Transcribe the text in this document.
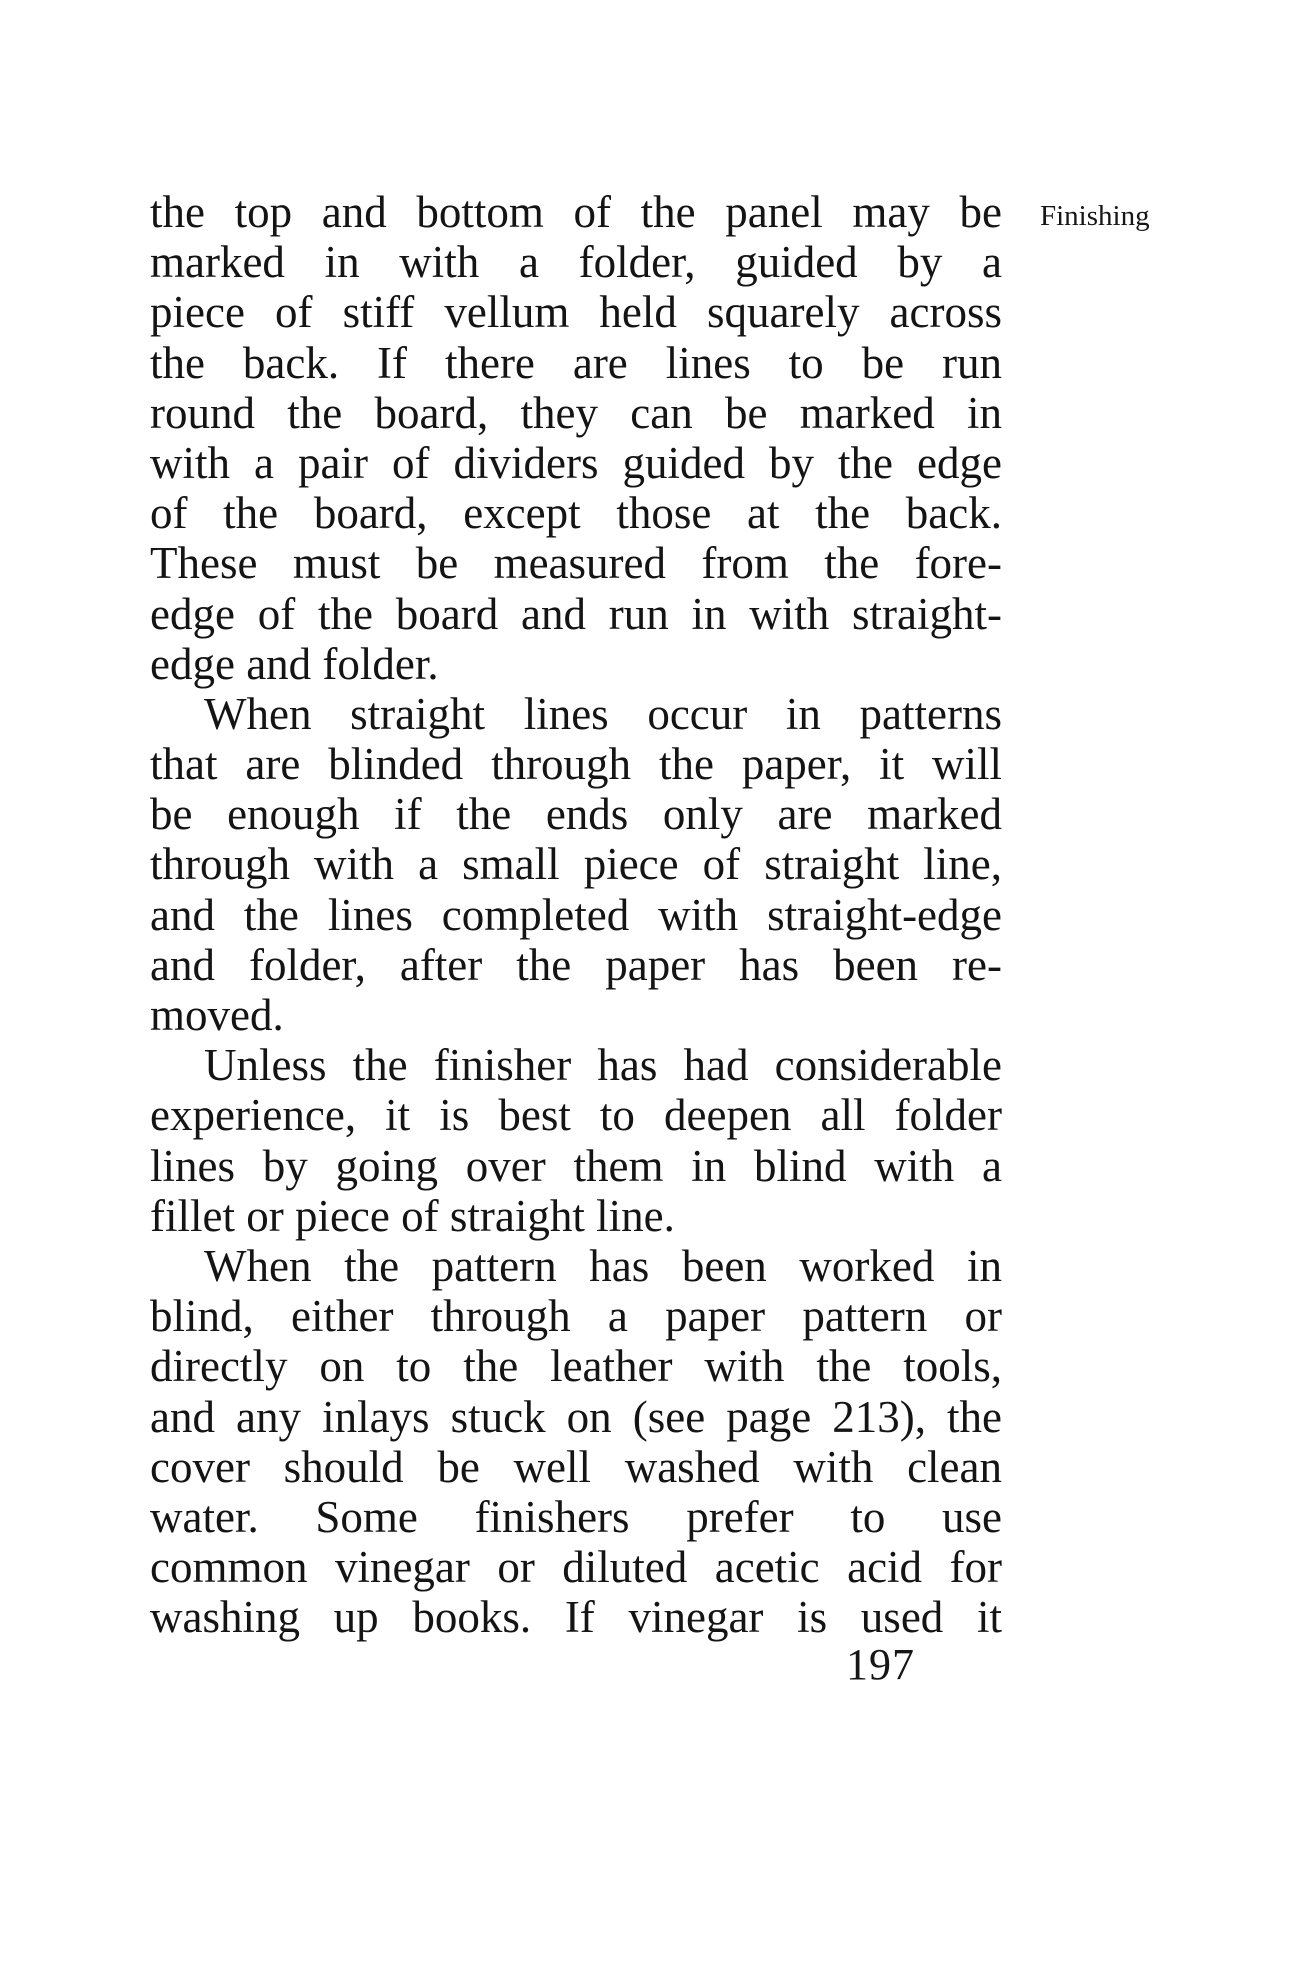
Finishing
the top and bottom of the panel may be
marked in with a folder, guided by a
piece of stiff vellum held squarely across
the back. If there are lines to be run
round the board, they can be marked in
with a pair of dividers guided by the edge
of the board, except those at the back.
These must be measured from the fore-
edge of the board and run in with straight-
edge and folder.
When straight lines occur in patterns
that are blinded through the paper, it will
be enough if the ends only are marked
through with a small piece of straight line,
and the lines completed with straight-edge
and folder, after the paper has been re-
moved.
Unless the finisher has had considerable
experience, it is best to deepen all folder
lines by going over them in blind with a
fillet or piece of straight line.
When the pattern has been worked in
blind, either through a paper pattern or
directly on to the leather with the tools,
and any inlays stuck on (see page 213), the
cover should be well washed with clean
water. Some finishers prefer to use
common vinegar or diluted acetic acid for
washing up books. If vinegar is used it
197
